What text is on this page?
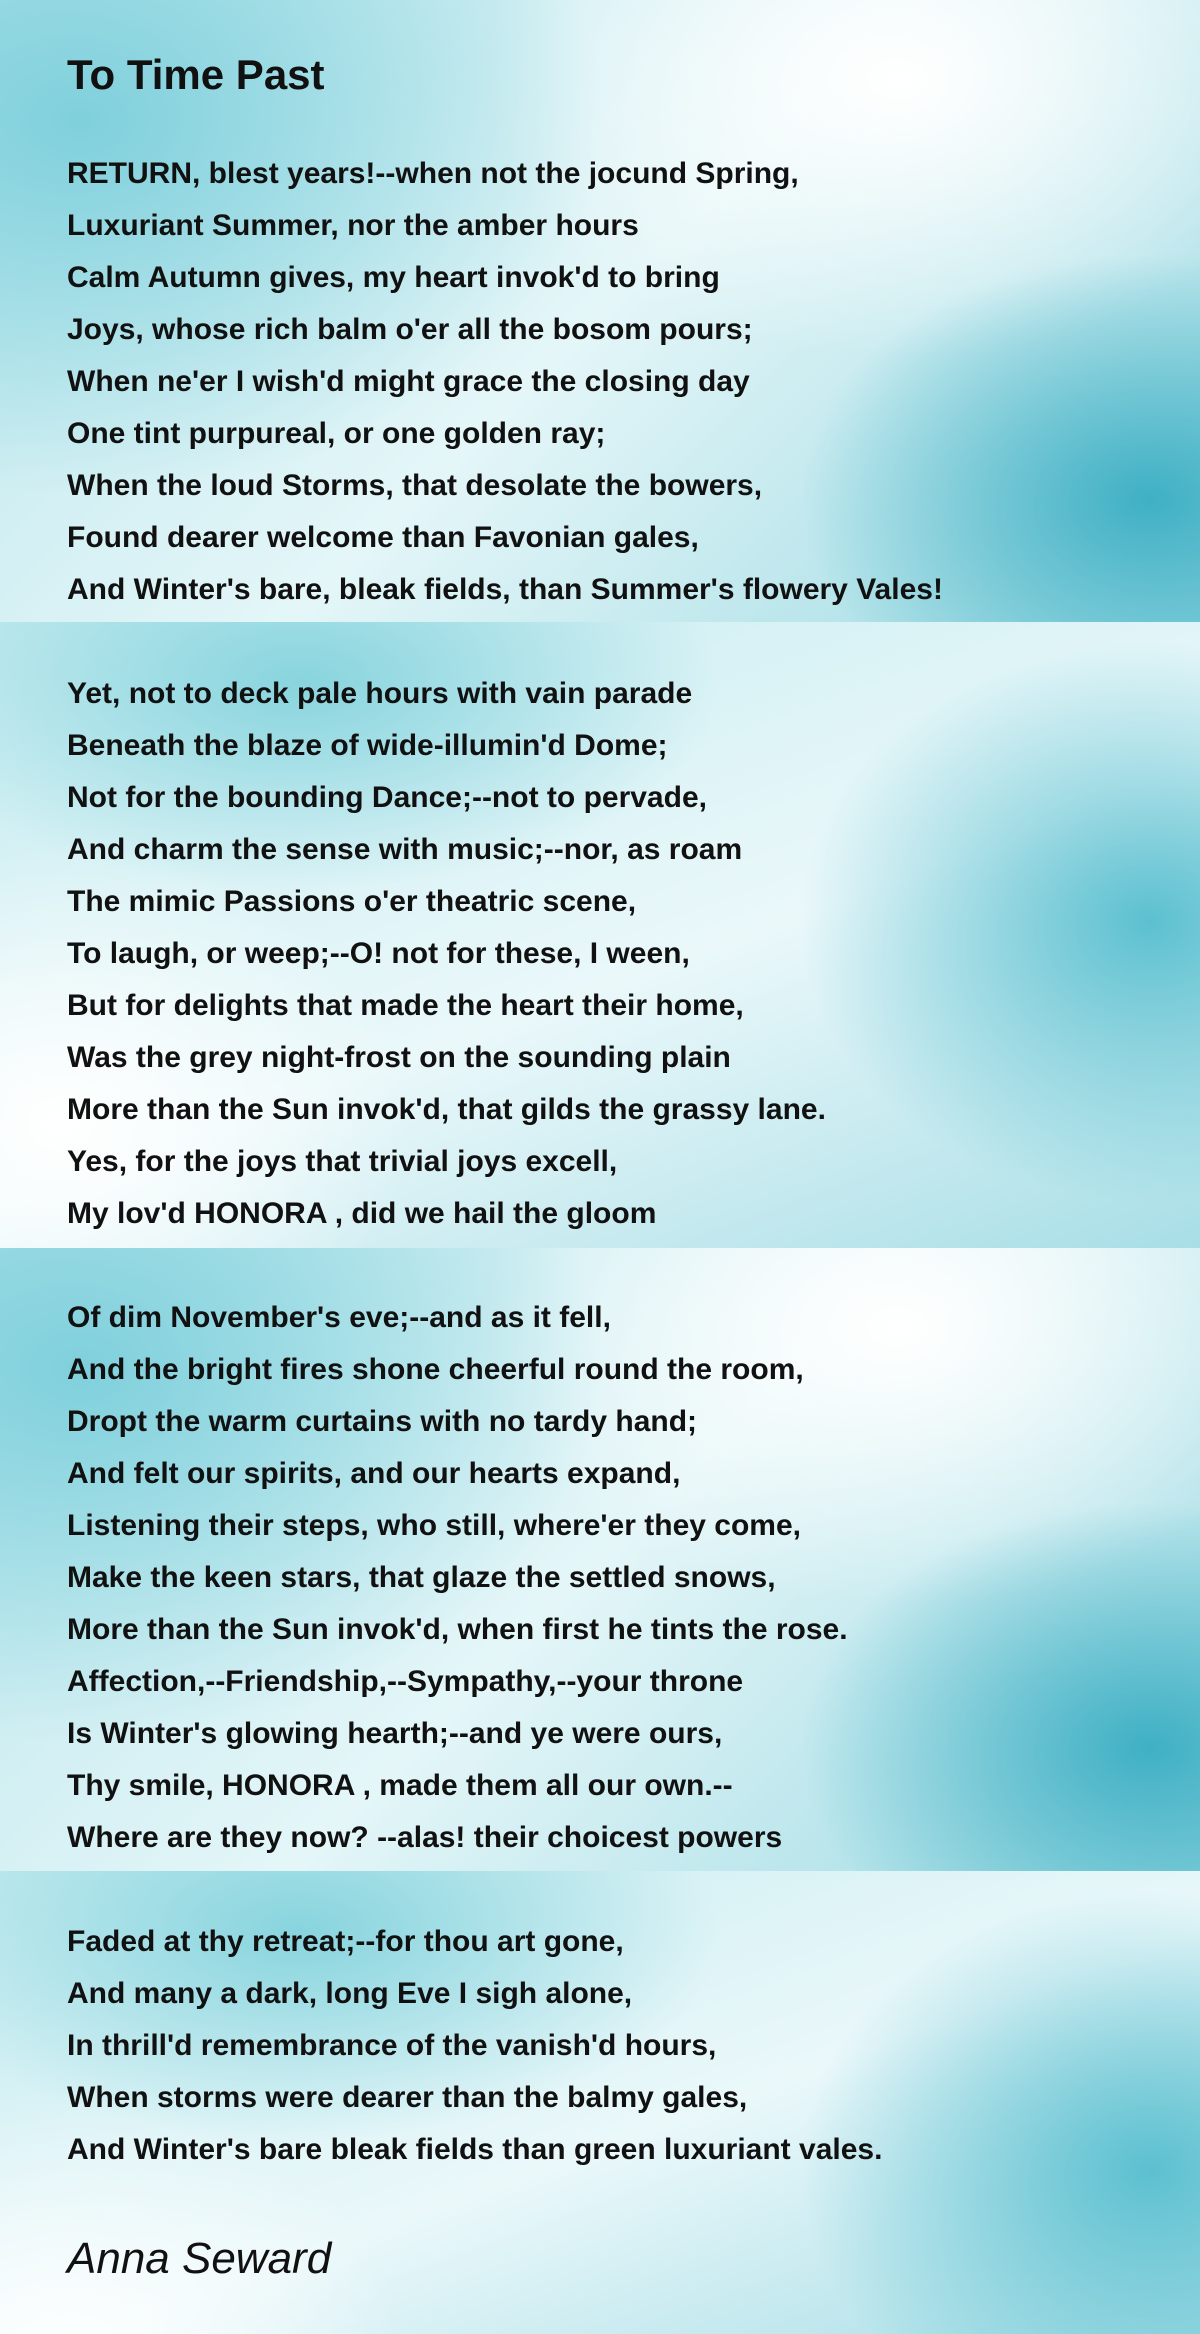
To Time Past
RETURN, blest years!--when not the jocund Spring,
Luxuriant Summer, nor the amber hours
Calm Autumn gives, my heart invok'd to bring
Joys, whose rich balm o'er all the bosom pours;
When ne'er I wish'd might grace the closing day
One tint purpureal, or one golden ray;
When the loud Storms, that desolate the bowers,
Found dearer welcome than Favonian gales,
And Winter's bare, bleak fields, than Summer's flowery Vales!
Yet, not to deck pale hours with vain parade
Beneath the blaze of wide-illumin'd Dome;
Not for the bounding Dance;--not to pervade,
And charm the sense with music;--nor, as roam
The mimic Passions o'er theatric scene,
To laugh, or weep;--O! not for these, I ween,
But for delights that made the heart their home,
Was the grey night-frost on the sounding plain
More than the Sun invok'd, that gilds the grassy lane.
Yes, for the joys that trivial joys excell,
My lov'd HONORA , did we hail the gloom
Of dim November's eve;--and as it fell,
And the bright fires shone cheerful round the room,
Dropt the warm curtains with no tardy hand;
And felt our spirits, and our hearts expand,
Listening their steps, who still, where'er they come,
Make the keen stars, that glaze the settled snows,
More than the Sun invok'd, when first he tints the rose.
Affection,--Friendship,--Sympathy,--your throne
Is Winter's glowing hearth;--and ye were ours,
Thy smile, HONORA , made them all our own.--
Where are they now? --alas! their choicest powers
Faded at thy retreat;--for thou art gone,
And many a dark, long Eve I sigh alone,
In thrill'd remembrance of the vanish'd hours,
When storms were dearer than the balmy gales,
And Winter's bare bleak fields than green luxuriant vales.
Anna Seward
